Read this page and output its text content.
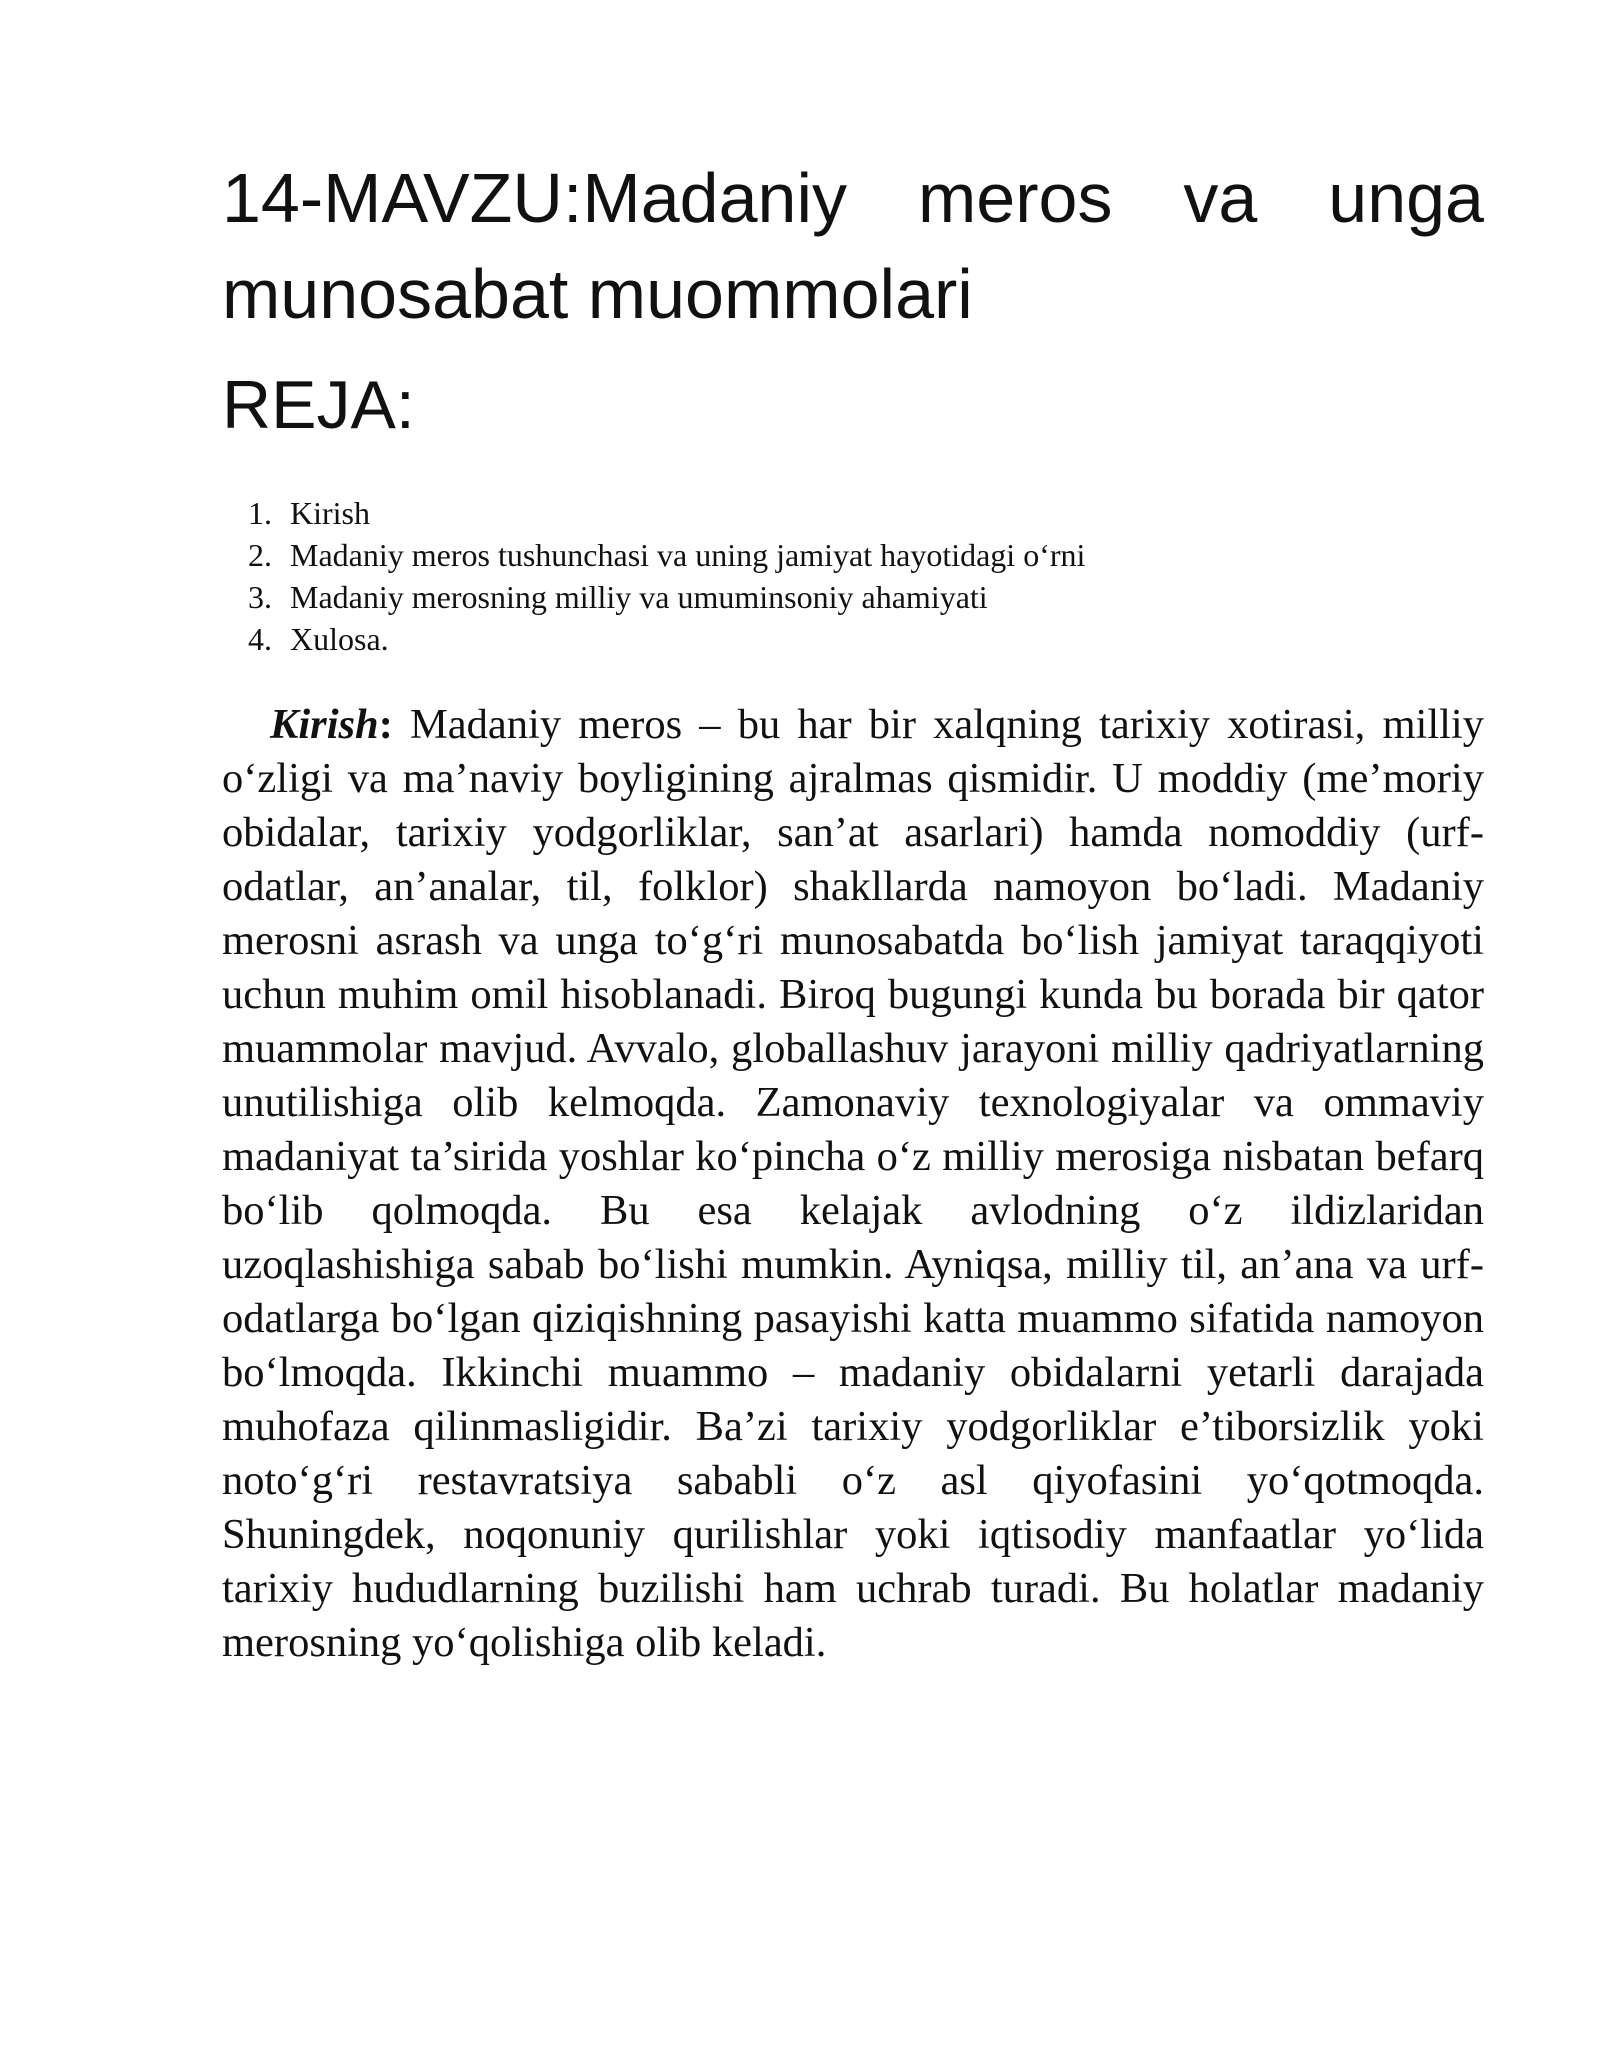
14-MAVZU:Madaniy meros va unga munosabat muommolari
REJA:
1. Kirish
2. Madaniy meros tushunchasi va uning jamiyat hayotidagi o‘rni
3. Madaniy merosning milliy va umuminsoniy ahamiyati
4. Xulosa.

Kirish: Madaniy meros – bu har bir xalqning tarixiy xotirasi, milliy o‘zligi va ma’naviy boyligining ajralmas qismidir. U moddiy (me’moriy obidalar, tarixiy yodgorliklar, san’at asarlari) hamda nomoddiy (urf-odatlar, an’analar, til, folklor) shakllarda namoyon bo‘ladi. Madaniy merosni asrash va unga to‘g‘ri munosabatda bo‘lish jamiyat taraqqiyoti uchun muhim omil hisoblanadi. Biroq bugungi kunda bu borada bir qator muammolar mavjud. Avvalo, globallashuv jarayoni milliy qadriyatlarning unutilishiga olib kelmoqda. Zamonaviy texnologiyalar va ommaviy madaniyat ta’sirida yoshlar ko‘pincha o‘z milliy merosiga nisbatan befarq bo‘lib qolmoqda. Bu esa kelajak avlodning o‘z ildizlaridan uzoqlashishiga sabab bo‘lishi mumkin. Ayniqsa, milliy til, an’ana va urf-odatlarga bo‘lgan qiziqishning pasayishi katta muammo sifatida namoyon bo‘lmoqda. Ikkinchi muammo – madaniy obidalarni yetarli darajada muhofaza qilinmasligidir. Ba’zi tarixiy yodgorliklar e’tiborsizlik yoki noto‘g‘ri restavratsiya sababli o‘z asl qiyofasini yo‘qotmoqda. Shuningdek, noqonuniy qurilishlar yoki iqtisodiy manfaatlar yo‘lida tarixiy hududlarning buzilishi ham uchrab turadi. Bu holatlar madaniy merosning yo‘qolishiga olib keladi.
